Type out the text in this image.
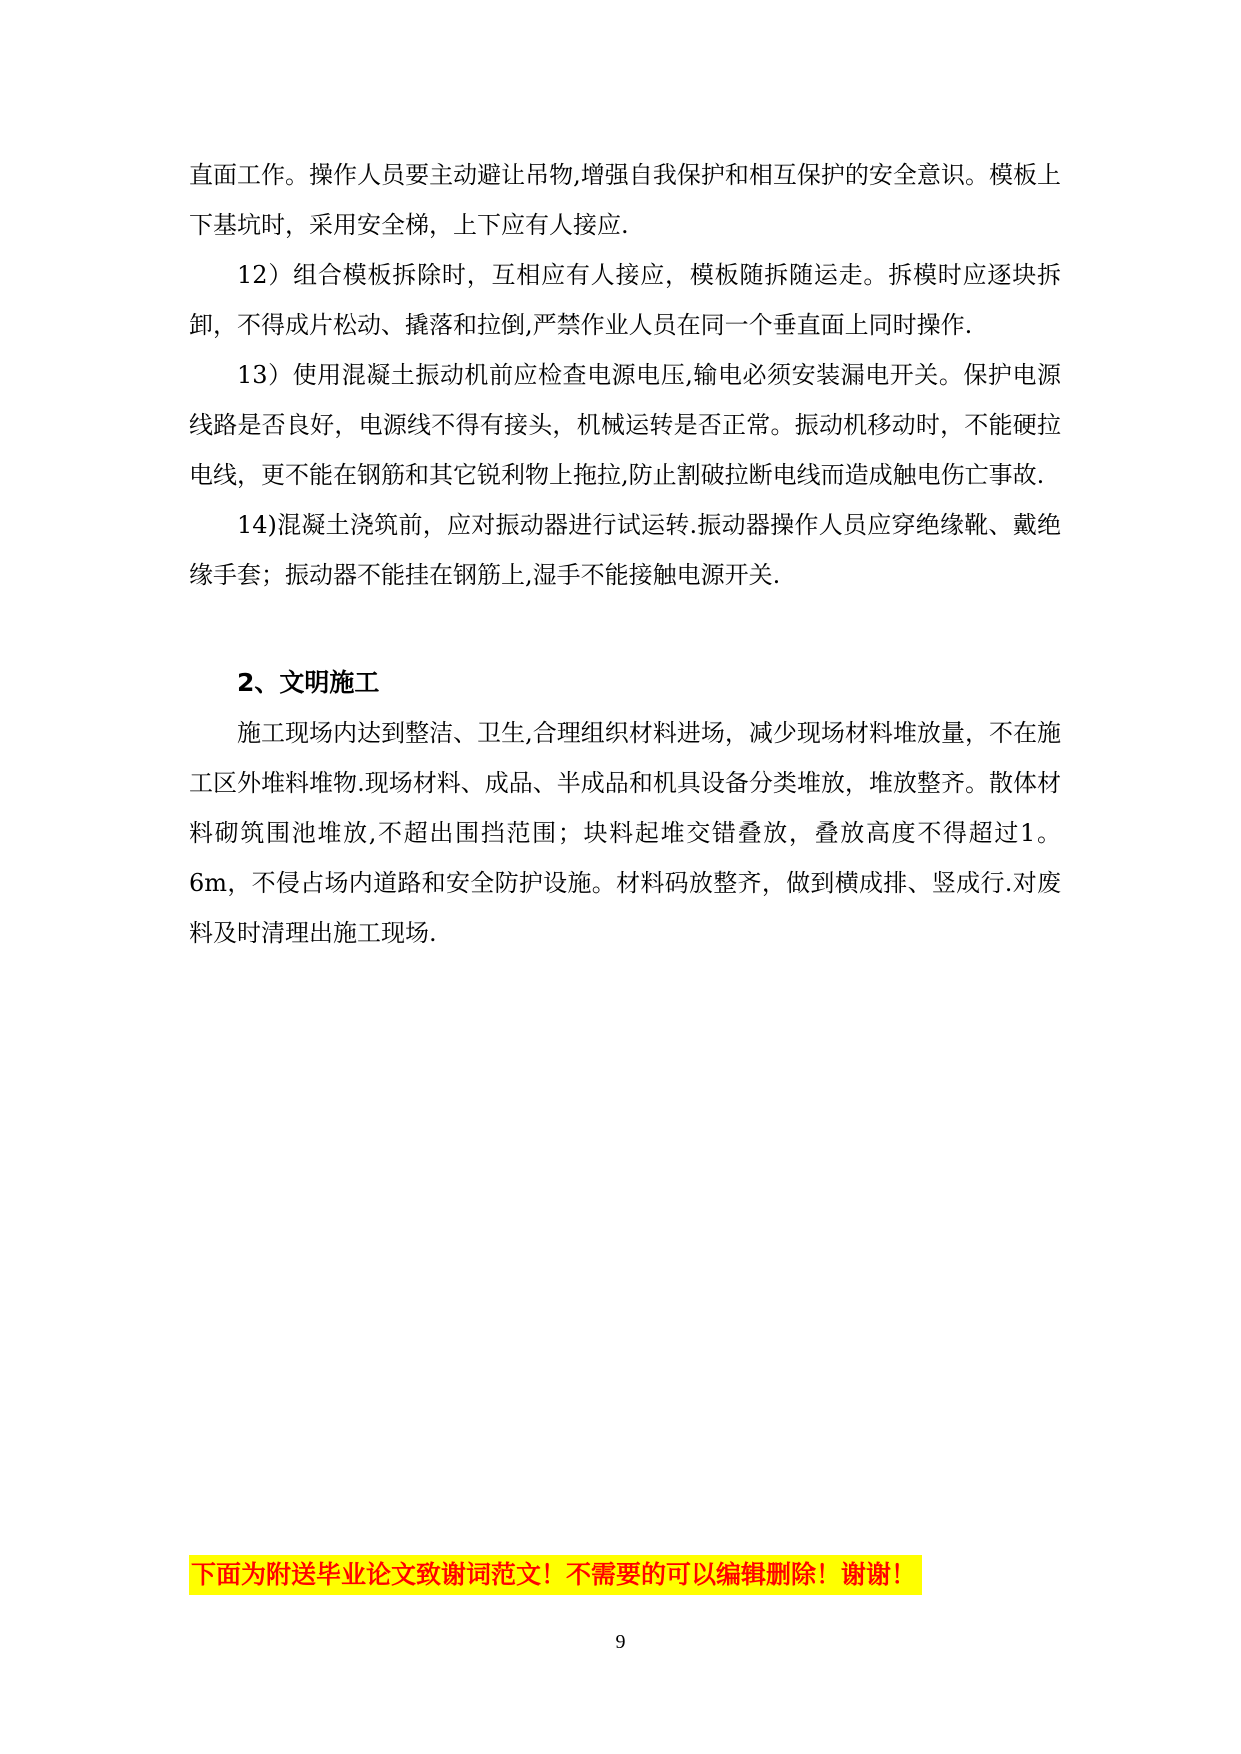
直面工作。操作人员要主动避让吊物,增强自我保护和相互保护的安全意识。模板上下基坑时，采用安全梯，上下应有人接应.

12）组合模板拆除时，互相应有人接应，模板随拆随运走。拆模时应逐块拆卸，不得成片松动、撬落和拉倒,严禁作业人员在同一个垂直面上同时操作.

13）使用混凝土振动机前应检查电源电压,输电必须安装漏电开关。保护电源线路是否良好，电源线不得有接头，机械运转是否正常。振动机移动时，不能硬拉电线，更不能在钢筋和其它锐利物上拖拉,防止割破拉断电线而造成触电伤亡事故.

14)混凝土浇筑前，应对振动器进行试运转.振动器操作人员应穿绝缘靴、戴绝缘手套；振动器不能挂在钢筋上,湿手不能接触电源开关.

2、文明施工

施工现场内达到整洁、卫生,合理组织材料进场，减少现场材料堆放量，不在施工区外堆料堆物.现场材料、成品、半成品和机具设备分类堆放，堆放整齐。散体材料砌筑围池堆放,不超出围挡范围；块料起堆交错叠放，叠放高度不得超过1。6m，不侵占场内道路和安全防护设施。材料码放整齐，做到横成排、竖成行.对废料及时清理出施工现场.

下面为附送毕业论文致谢词范文！不需要的可以编辑删除！谢谢！
9
